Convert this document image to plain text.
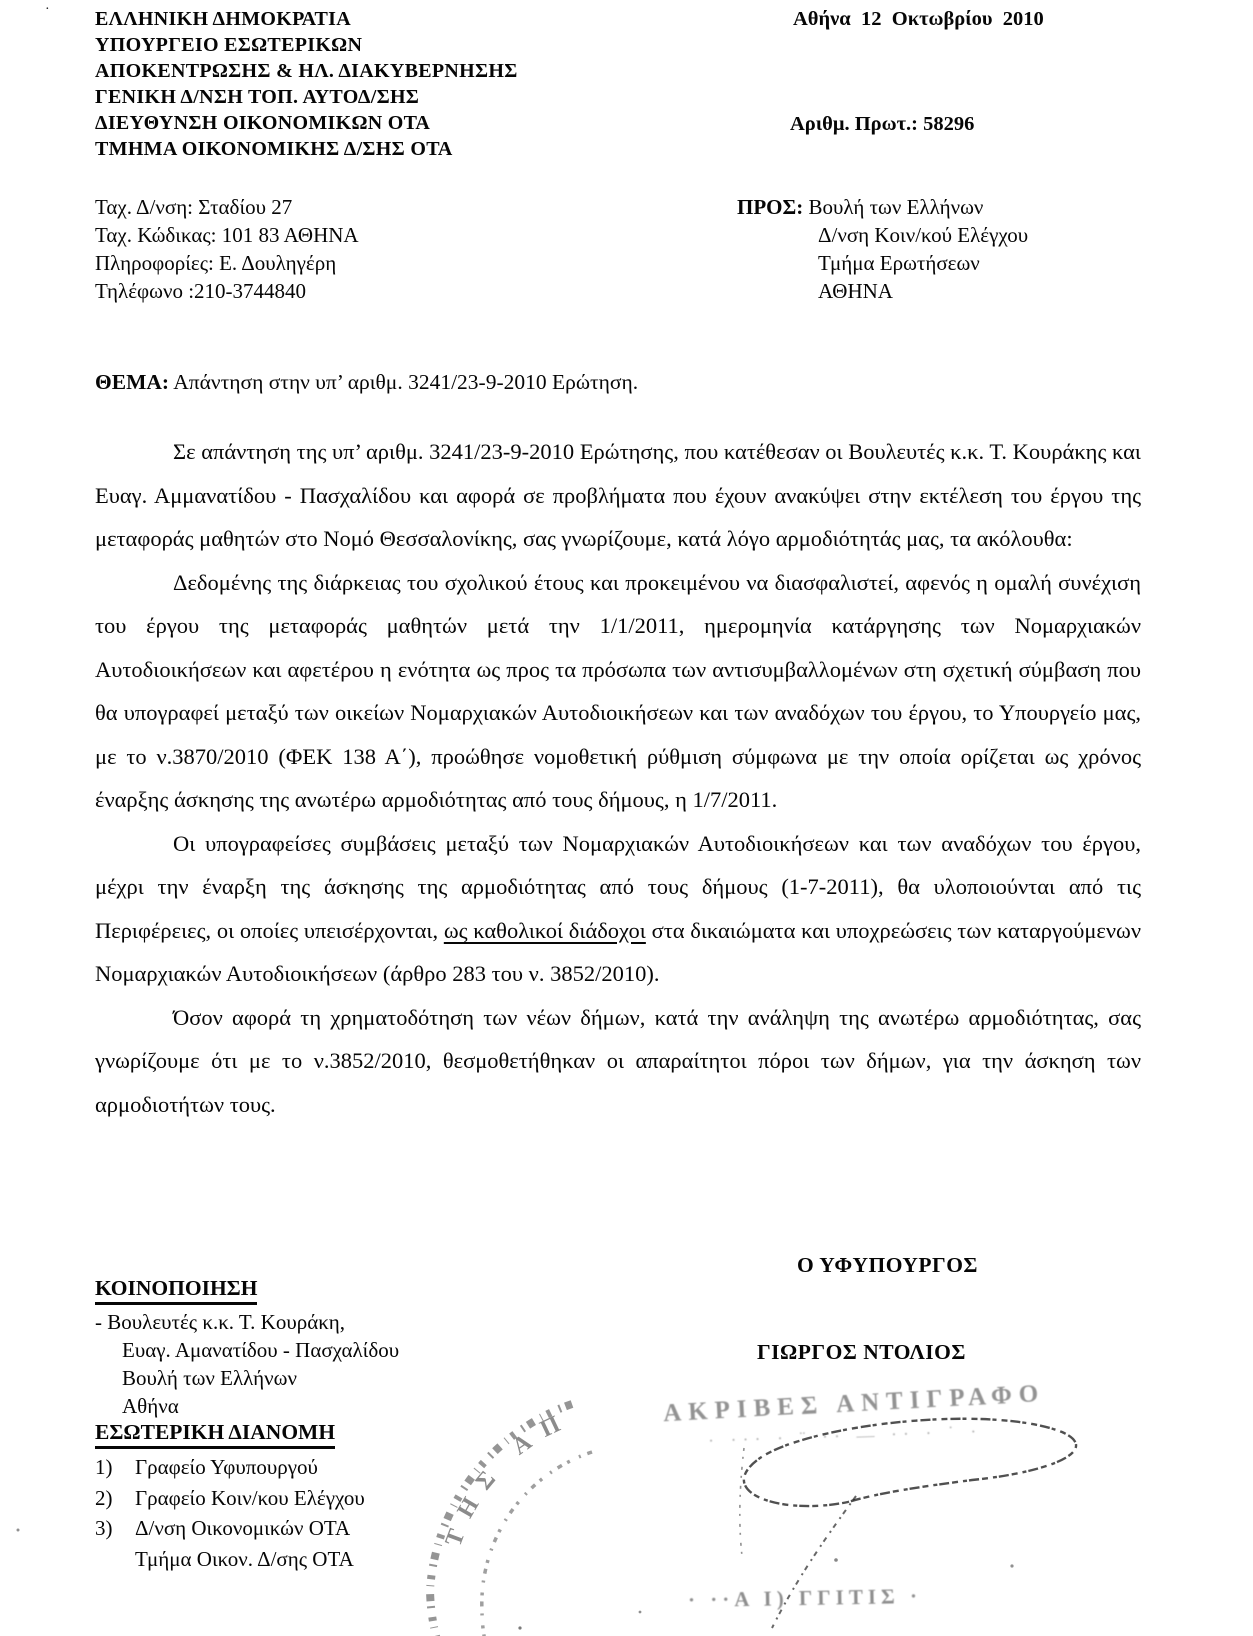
· ΕΛΛΗΝΙΚΗ ΔΗΜΟΚΡΑΤΙΑ
ΥΠΟΥΡΓΕΙΟ ΕΣΩΤΕΡΙΚΩΝ
ΑΠΟΚΕΝΤΡΩΣΗΣ & ΗΛ. ΔΙΑΚΥΒΕΡΝΗΣΗΣ
ΓΕΝΙΚΗ Δ/ΝΣΗ ΤΟΠ. ΑΥΤΟΔ/ΣΗΣ
ΔΙΕΥΘΥΝΣΗ ΟΙΚΟΝΟΜΙΚΩΝ ΟΤΑ
ΤΜΗΜΑ ΟΙΚΟΝΟΜΙΚΗΣ Δ/ΣΗΣ ΟΤΑ
Αθήνα  12  Οκτωβρίου  2010
Αριθμ. Πρωτ.: 58296
Ταχ. Δ/νση: Σταδίου 27
Ταχ. Κώδικας: 101 83 ΑΘΗΝΑ
Πληροφορίες: Ε. Δουληγέρη
Τηλέφωνο :210-3744840
ΠΡΟΣ: Βουλή των Ελλήνων
Δ/νση Κοιν/κού Ελέγχου
Τμήμα Ερωτήσεων
ΑΘΗΝΑ
ΘΕΜΑ: Απάντηση στην υπ’ αριθμ. 3241/23-9-2010 Ερώτηση.

Σε απάντηση της υπ’ αριθμ. 3241/23-9-2010 Ερώτησης, που κατέθεσαν οι Βουλευτές κ.κ. Τ. Κουράκης και Ευαγ. Αμμανατίδου - Πασχαλίδου και αφορά σε προβλήματα που έχουν ανακύψει στην εκτέλεση του έργου της μεταφοράς μαθητών στο Νομό Θεσσαλονίκης, σας γνωρίζουμε, κατά λόγο αρμοδιότητάς μας, τα ακόλουθα:

Δεδομένης της διάρκειας του σχολικού έτους και προκειμένου να διασφαλιστεί, αφενός η ομαλή συνέχιση του έργου της μεταφοράς μαθητών μετά την 1/1/2011, ημερομηνία κατάργησης των Νομαρχιακών Αυτοδιοικήσεων και αφετέρου η ενότητα ως προς τα πρόσωπα των αντισυμβαλλομένων στη σχετική σύμβαση που θα υπογραφεί μεταξύ των οικείων Νομαρχιακών Αυτοδιοικήσεων και των αναδόχων του έργου, το Υπουργείο μας, με το ν.3870/2010 (ΦΕΚ 138 Α΄), προώθησε νομοθετική ρύθμιση σύμφωνα με την οποία ορίζεται ως χρόνος έναρξης άσκησης της ανωτέρω αρμοδιότητας από τους δήμους, η 1/7/2011.

Οι υπογραφείσες συμβάσεις μεταξύ των Νομαρχιακών Αυτοδιοικήσεων και των αναδόχων του έργου, μέχρι την έναρξη της άσκησης της αρμοδιότητας από τους δήμους (1-7-2011), θα υλοποιούνται από τις Περιφέρειες, οι οποίες υπεισέρχονται, ως καθολικοί διάδοχοι στα δικαιώματα και υποχρεώσεις των καταργούμενων Νομαρχιακών Αυτοδιοικήσεων (άρθρο 283 του ν. 3852/2010).

Όσον αφορά τη χρηματοδότηση των νέων δήμων, κατά την ανάληψη της ανωτέρω αρμοδιότητας, σας γνωρίζουμε ότι με το ν.3852/2010, θεσμοθετήθηκαν οι απαραίτητοι πόροι των δήμων, για την άσκηση των αρμοδιοτήτων τους.

Ο ΥΦΥΠΟΥΡΓΟΣ
ΓΙΩΡΓΟΣ ΝΤΟΛΙΟΣ
ΚΟΙΝΟΠΟΙΗΣΗ
- Βουλευτές κ.κ. Τ. Κουράκη,
Ευαγ. Αμανατίδου - Πασχαλίδου
Βουλή των Ελλήνων
Αθήνα
ΕΣΩΤΕΡΙΚΗ ΔΙΑΝΟΜΗ
1)	Γραφείο Υφυπουργού
2)	Γραφείο Κοιν/κου Ελέγχου
3)	Δ/νση Οικονομικών ΟΤΑ
Τμήμα Οικον. Δ/σης ΟΤΑ
ΤΗΣ ΑΠ	ΑΚΡΙΒΕΣ ΑΝΤΙΓΡΑΦΟ
· ··· · ¨ ·· — ·· · ˙ ·
· ··Α Ι) ΓΓΙΤΙΣ ·
